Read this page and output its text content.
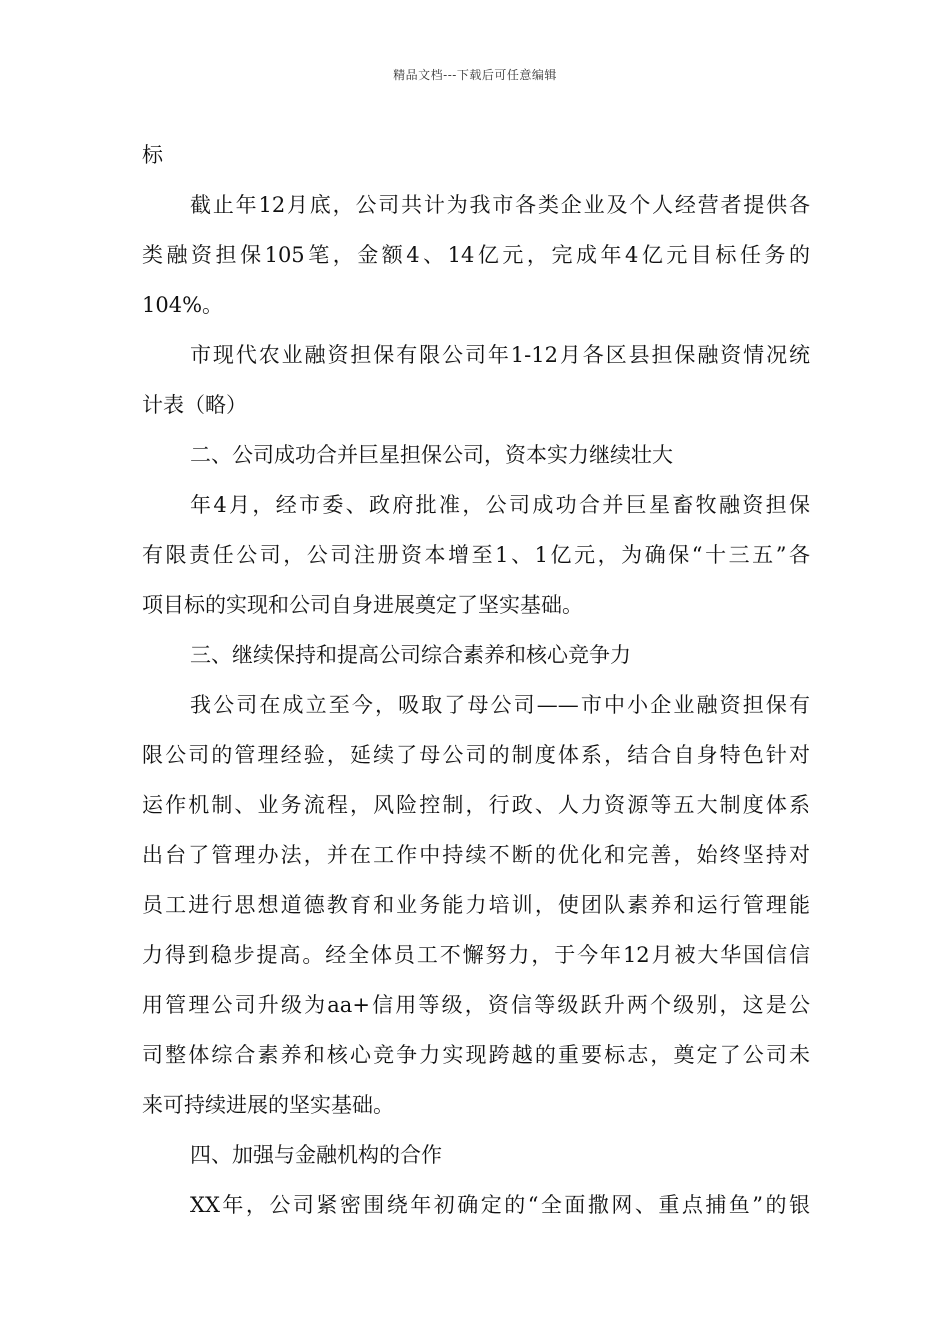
精品文档---下载后可任意编辑
标
截止年12月底，公司共计为我市各类企业及个人经营者提供各
类融资担保105笔，金额4、14亿元，完成年4亿元目标任务的
104%。
市现代农业融资担保有限公司年1-12月各区县担保融资情况统
计表（略）
二、公司成功合并巨星担保公司，资本实力继续壮大
年4月，经市委、政府批准，公司成功合并巨星畜牧融资担保
有限责任公司，公司注册资本增至1、1亿元，为确保“十三五”各
项目标的实现和公司自身进展奠定了坚实基础。
三、继续保持和提高公司综合素养和核心竞争力
我公司在成立至今，吸取了母公司——市中小企业融资担保有
限公司的管理经验，延续了母公司的制度体系，结合自身特色针对
运作机制、业务流程，风险控制，行政、人力资源等五大制度体系
出台了管理办法，并在工作中持续不断的优化和完善，始终坚持对
员工进行思想道德教育和业务能力培训，使团队素养和运行管理能
力得到稳步提高。经全体员工不懈努力，于今年12月被大华国信信
用管理公司升级为aa+信用等级，资信等级跃升两个级别，这是公
司整体综合素养和核心竞争力实现跨越的重要标志，奠定了公司未
来可持续进展的坚实基础。
四、加强与金融机构的合作
XX年，公司紧密围绕年初确定的“全面撒网、重点捕鱼”的银
